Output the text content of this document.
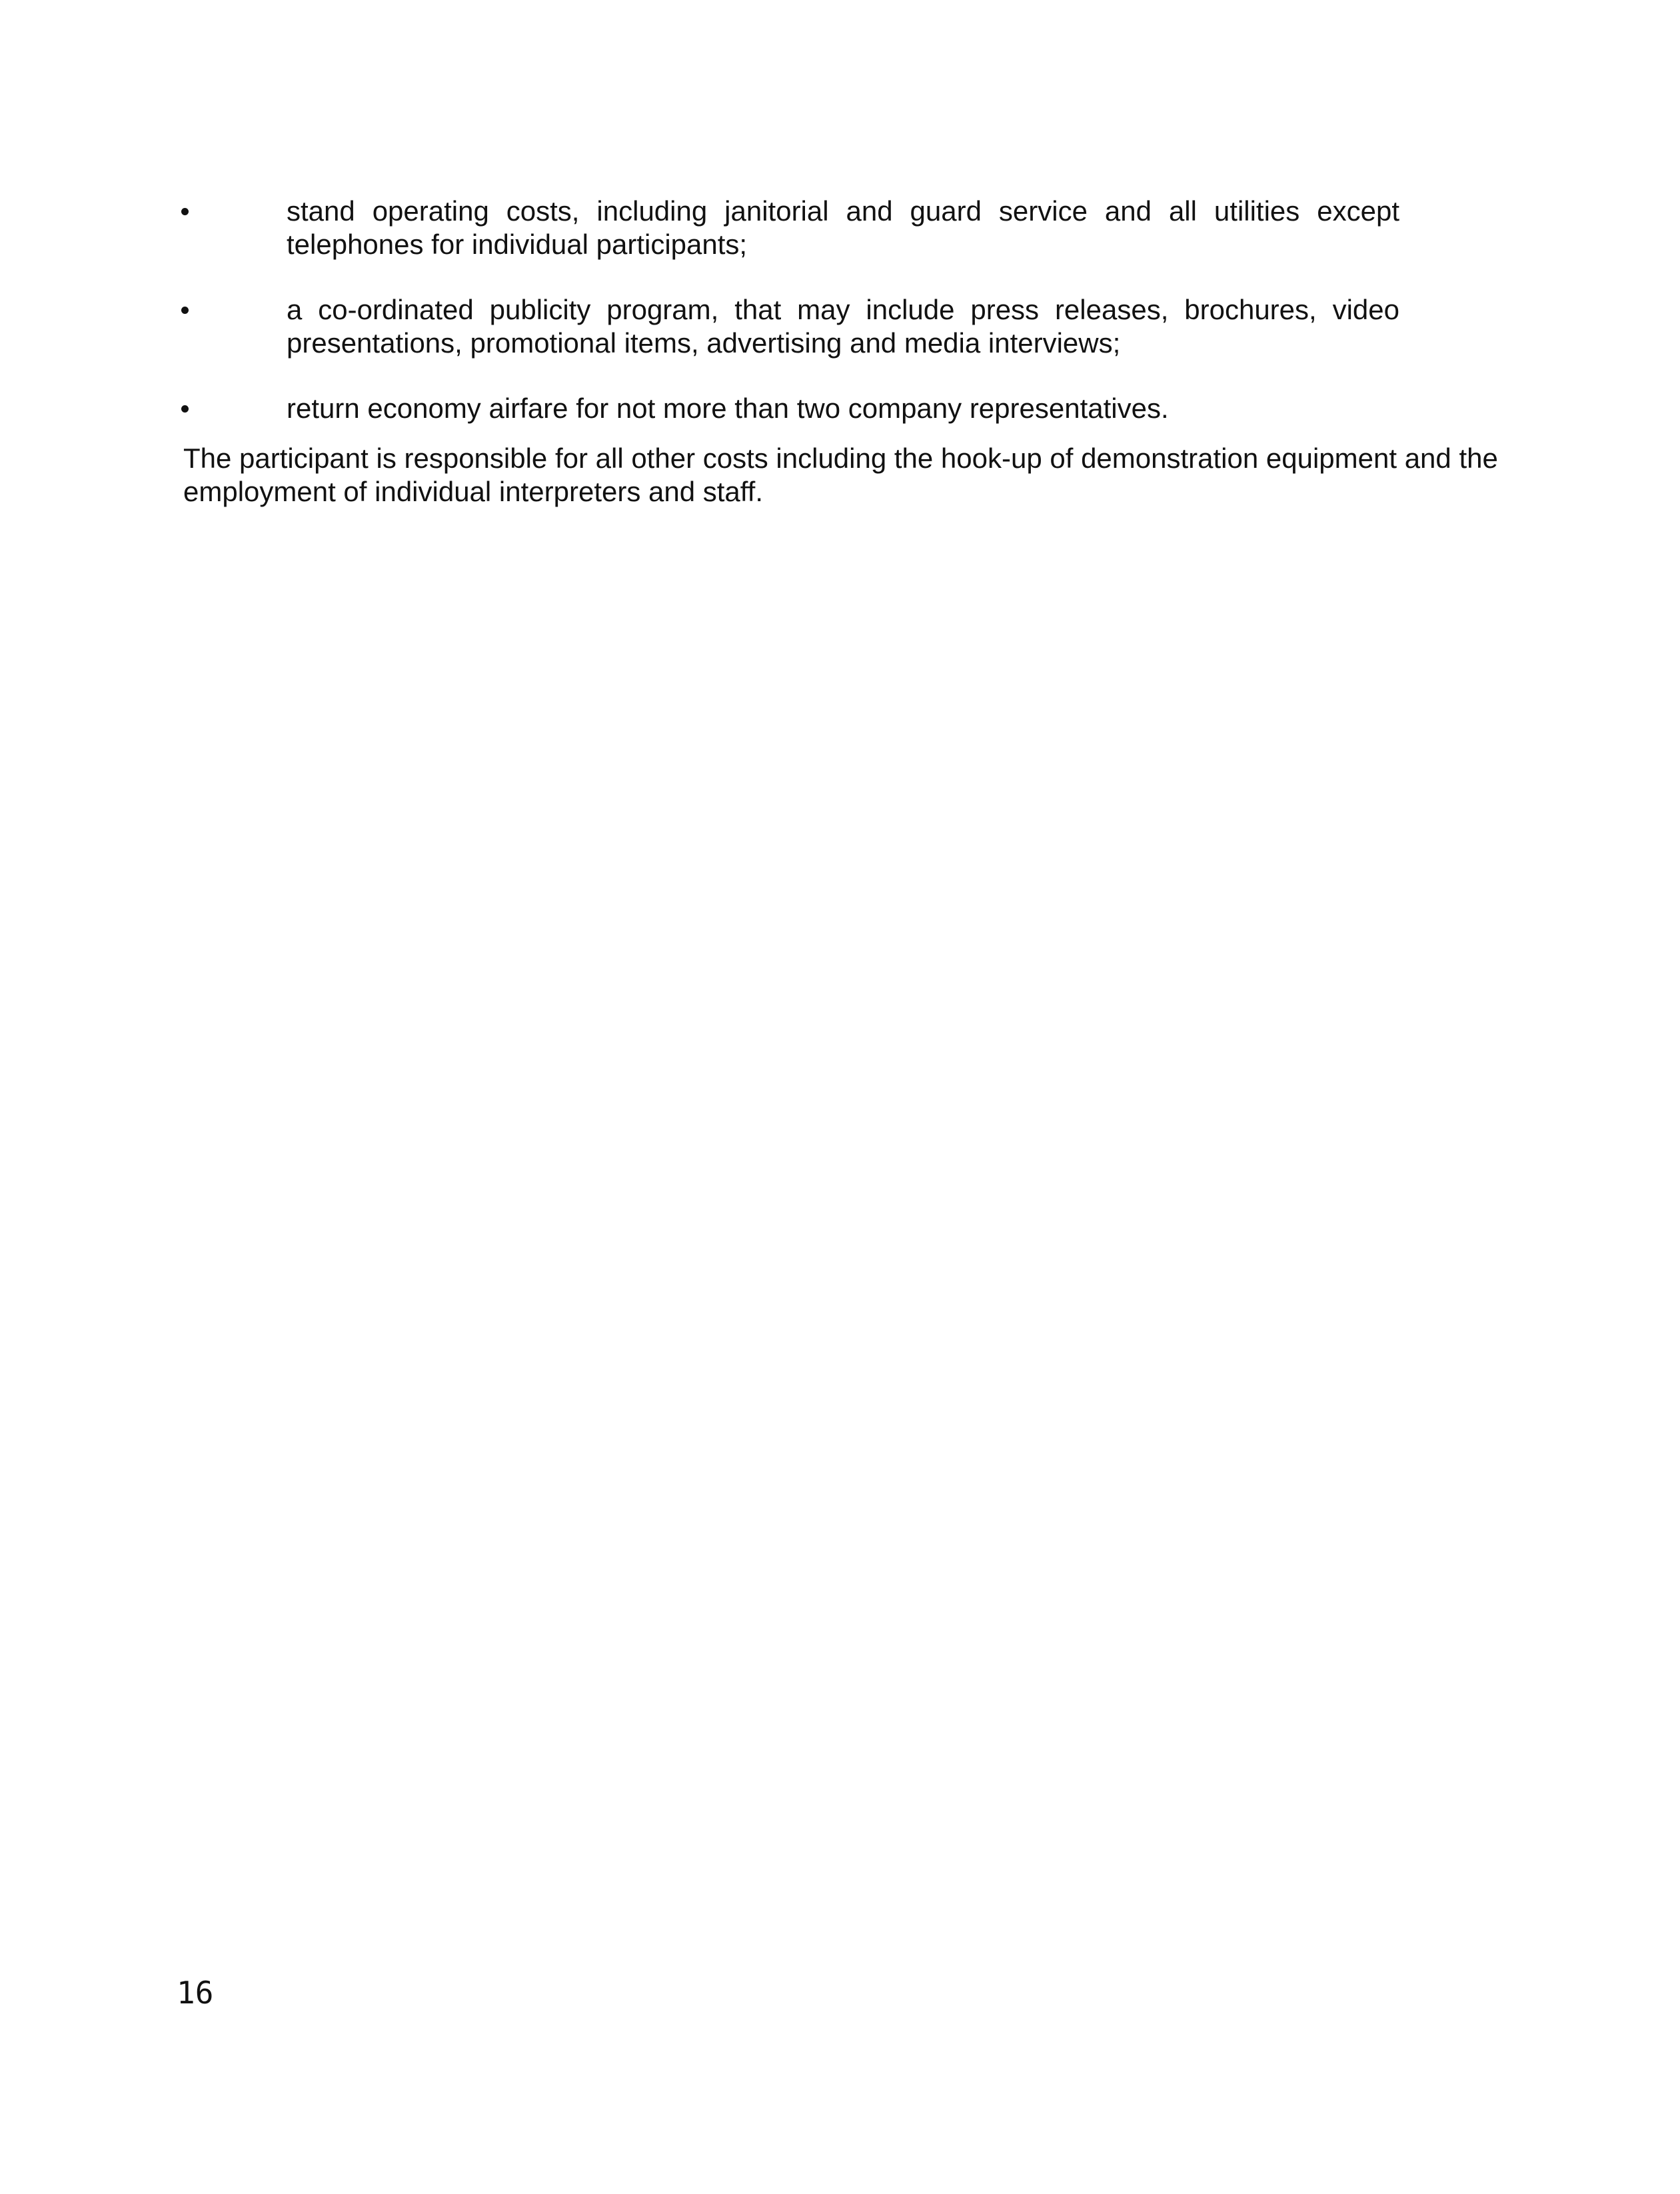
stand operating costs, including janitorial and guard service and all utilities except telephones for individual participants;
a co-ordinated publicity program, that may include press releases, brochures, video presentations, promotional items, advertising and media interviews;
return economy airfare for not more than two company representatives.

The participant is responsible for all other costs including the hook-up of demonstration equipment and the employment of individual interpreters and staff.

16
